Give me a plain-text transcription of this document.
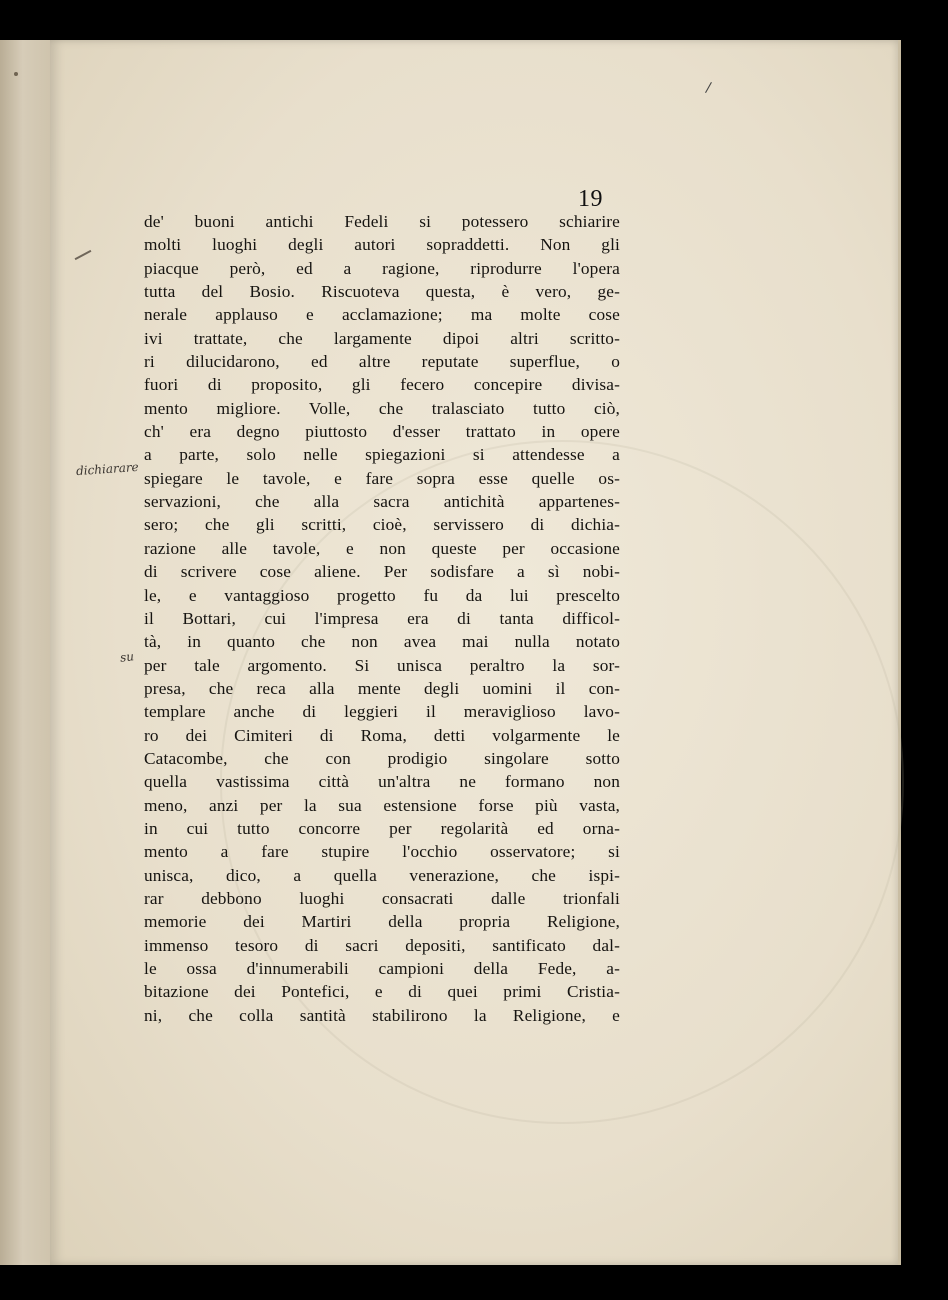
/
19
dichiarare
su
de' buoni antichi Fedeli si potessero schiarire
molti luoghi degli autori sopraddetti. Non gli
piacque però, ed a ragione, riprodurre l'opera
tutta del Bosio. Riscuoteva questa, è vero, ge-
nerale applauso e acclamazione; ma molte cose
ivi trattate, che largamente dipoi altri scritto-
ri dilucidarono, ed altre reputate superflue, o
fuori di proposito, gli fecero concepire divisa-
mento migliore. Volle, che tralasciato tutto ciò,
ch' era degno piuttosto d'esser trattato in opere
a parte, solo nelle spiegazioni si attendesse a
spiegare le tavole, e fare sopra esse quelle os-
servazioni, che alla sacra antichità appartenes-
sero; che gli scritti, cioè, servissero di dichia-
razione alle tavole, e non queste per occasione
di scrivere cose aliene. Per sodisfare a sì nobi-
le, e vantaggioso progetto fu da lui prescelto
il Bottari, cui l'impresa era di tanta difficol-
tà, in quanto che non avea mai nulla notato
per tale argomento. Si unisca peraltro la sor-
presa, che reca alla mente degli uomini il con-
templare anche di leggieri il meraviglioso lavo-
ro dei Cimiteri di Roma, detti volgarmente le
Catacombe, che con prodigio singolare sotto
quella vastissima città un'altra ne formano non
meno, anzi per la sua estensione forse più vasta,
in cui tutto concorre per regolarità ed orna-
mento a fare stupire l'occhio osservatore; si
unisca, dico, a quella venerazione, che ispi-
rar debbono luoghi consacrati dalle trionfali
memorie dei Martiri della propria Religione,
immenso tesoro di sacri depositi, santificato dal-
le ossa d'innumerabili campioni della Fede, a-
bitazione dei Pontefici, e di quei primi Cristia-
ni, che colla santità stabilirono la Religione, e
